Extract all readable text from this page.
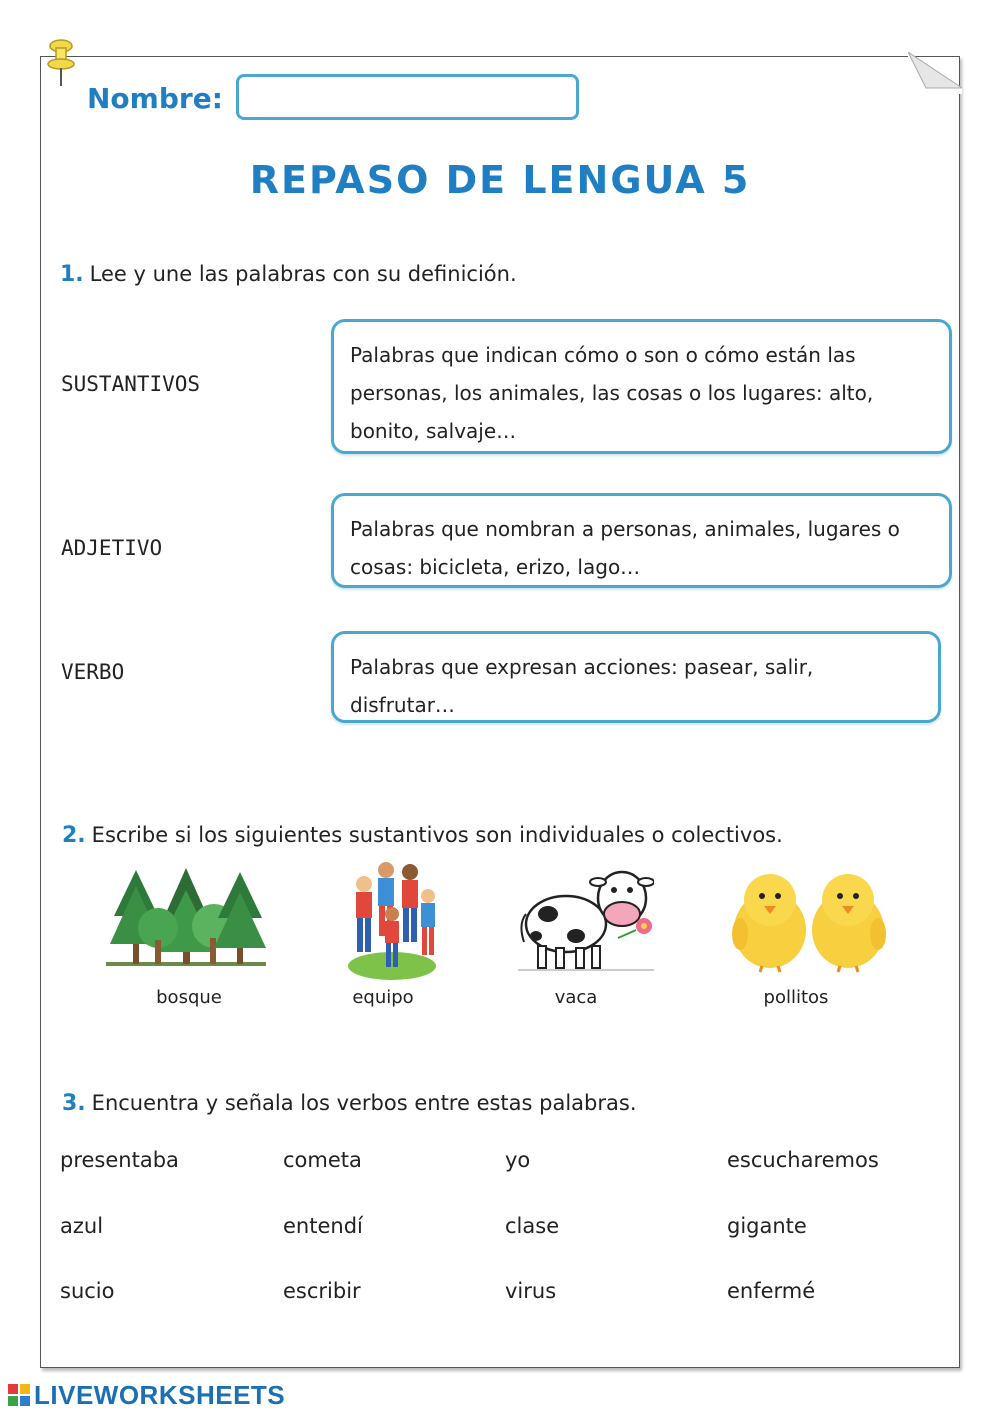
Nombre:
REPASO DE LENGUA 5
1. Lee y une las palabras con su definición.
SUSTANTIVOS
ADJETIVO
VERBO
Palabras que indican cómo o son o cómo están las personas, los animales, las cosas o los lugares: alto, bonito, salvaje…
Palabras que nombran a personas, animales, lugares o cosas: bicicleta, erizo, lago…
Palabras que expresan acciones: pasear, salir, disfrutar…
2. Escribe si los siguientes sustantivos son individuales o colectivos.
bosque	equipo	vaca	pollitos
3. Encuentra y señala los verbos entre estas palabras.
presentaba	cometa	yo	escucharemos
azul	entendí	clase	gigante
sucio	escribir	virus	enfermé
LIVEWORKSHEETS
